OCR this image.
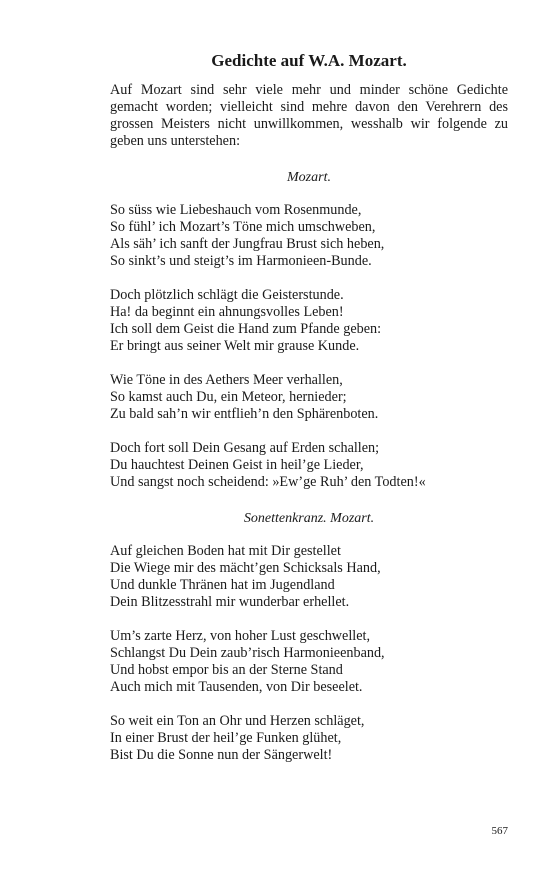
Gedichte auf W.A. Mozart.

Auf Mozart sind sehr viele mehr und minder schöne Gedichte gemacht worden; vielleicht sind mehre davon den Verehrern des grossen Meisters nicht unwillkommen, wesshalb wir folgende zu geben uns unterstehen:

Mozart.
So süss wie Liebeshauch vom Rosenmunde,
So fühl’ ich Mozart’s Töne mich umschweben,
Als säh’ ich sanft der Jungfrau Brust sich heben,
So sinkt’s und steigt’s im Harmonieen-Bunde.
Doch plötzlich schlägt die Geisterstunde.
Ha! da beginnt ein ahnungsvolles Leben!
Ich soll dem Geist die Hand zum Pfande geben:
Er bringt aus seiner Welt mir grause Kunde.
Wie Töne in des Aethers Meer verhallen,
So kamst auch Du, ein Meteor, hernieder;
Zu bald sah’n wir entflieh’n den Sphärenboten.
Doch fort soll Dein Gesang auf Erden schallen;
Du hauchtest Deinen Geist in heil’ge Lieder,
Und sangst noch scheidend: »Ew’ge Ruh’ den Todten!«
Sonettenkranz. Mozart.
Auf gleichen Boden hat mit Dir gestellet
Die Wiege mir des mächt’gen Schicksals Hand,
Und dunkle Thränen hat im Jugendland
Dein Blitzesstrahl mir wunderbar erhellet.
Um’s zarte Herz, von hoher Lust geschwellet,
Schlangst Du Dein zaub’risch Harmonieenband,
Und hobst empor bis an der Sterne Stand
Auch mich mit Tausenden, von Dir beseelet.
So weit ein Ton an Ohr und Herzen schläget,
In einer Brust der heil’ge Funken glühet,
Bist Du die Sonne nun der Sängerwelt!
567
